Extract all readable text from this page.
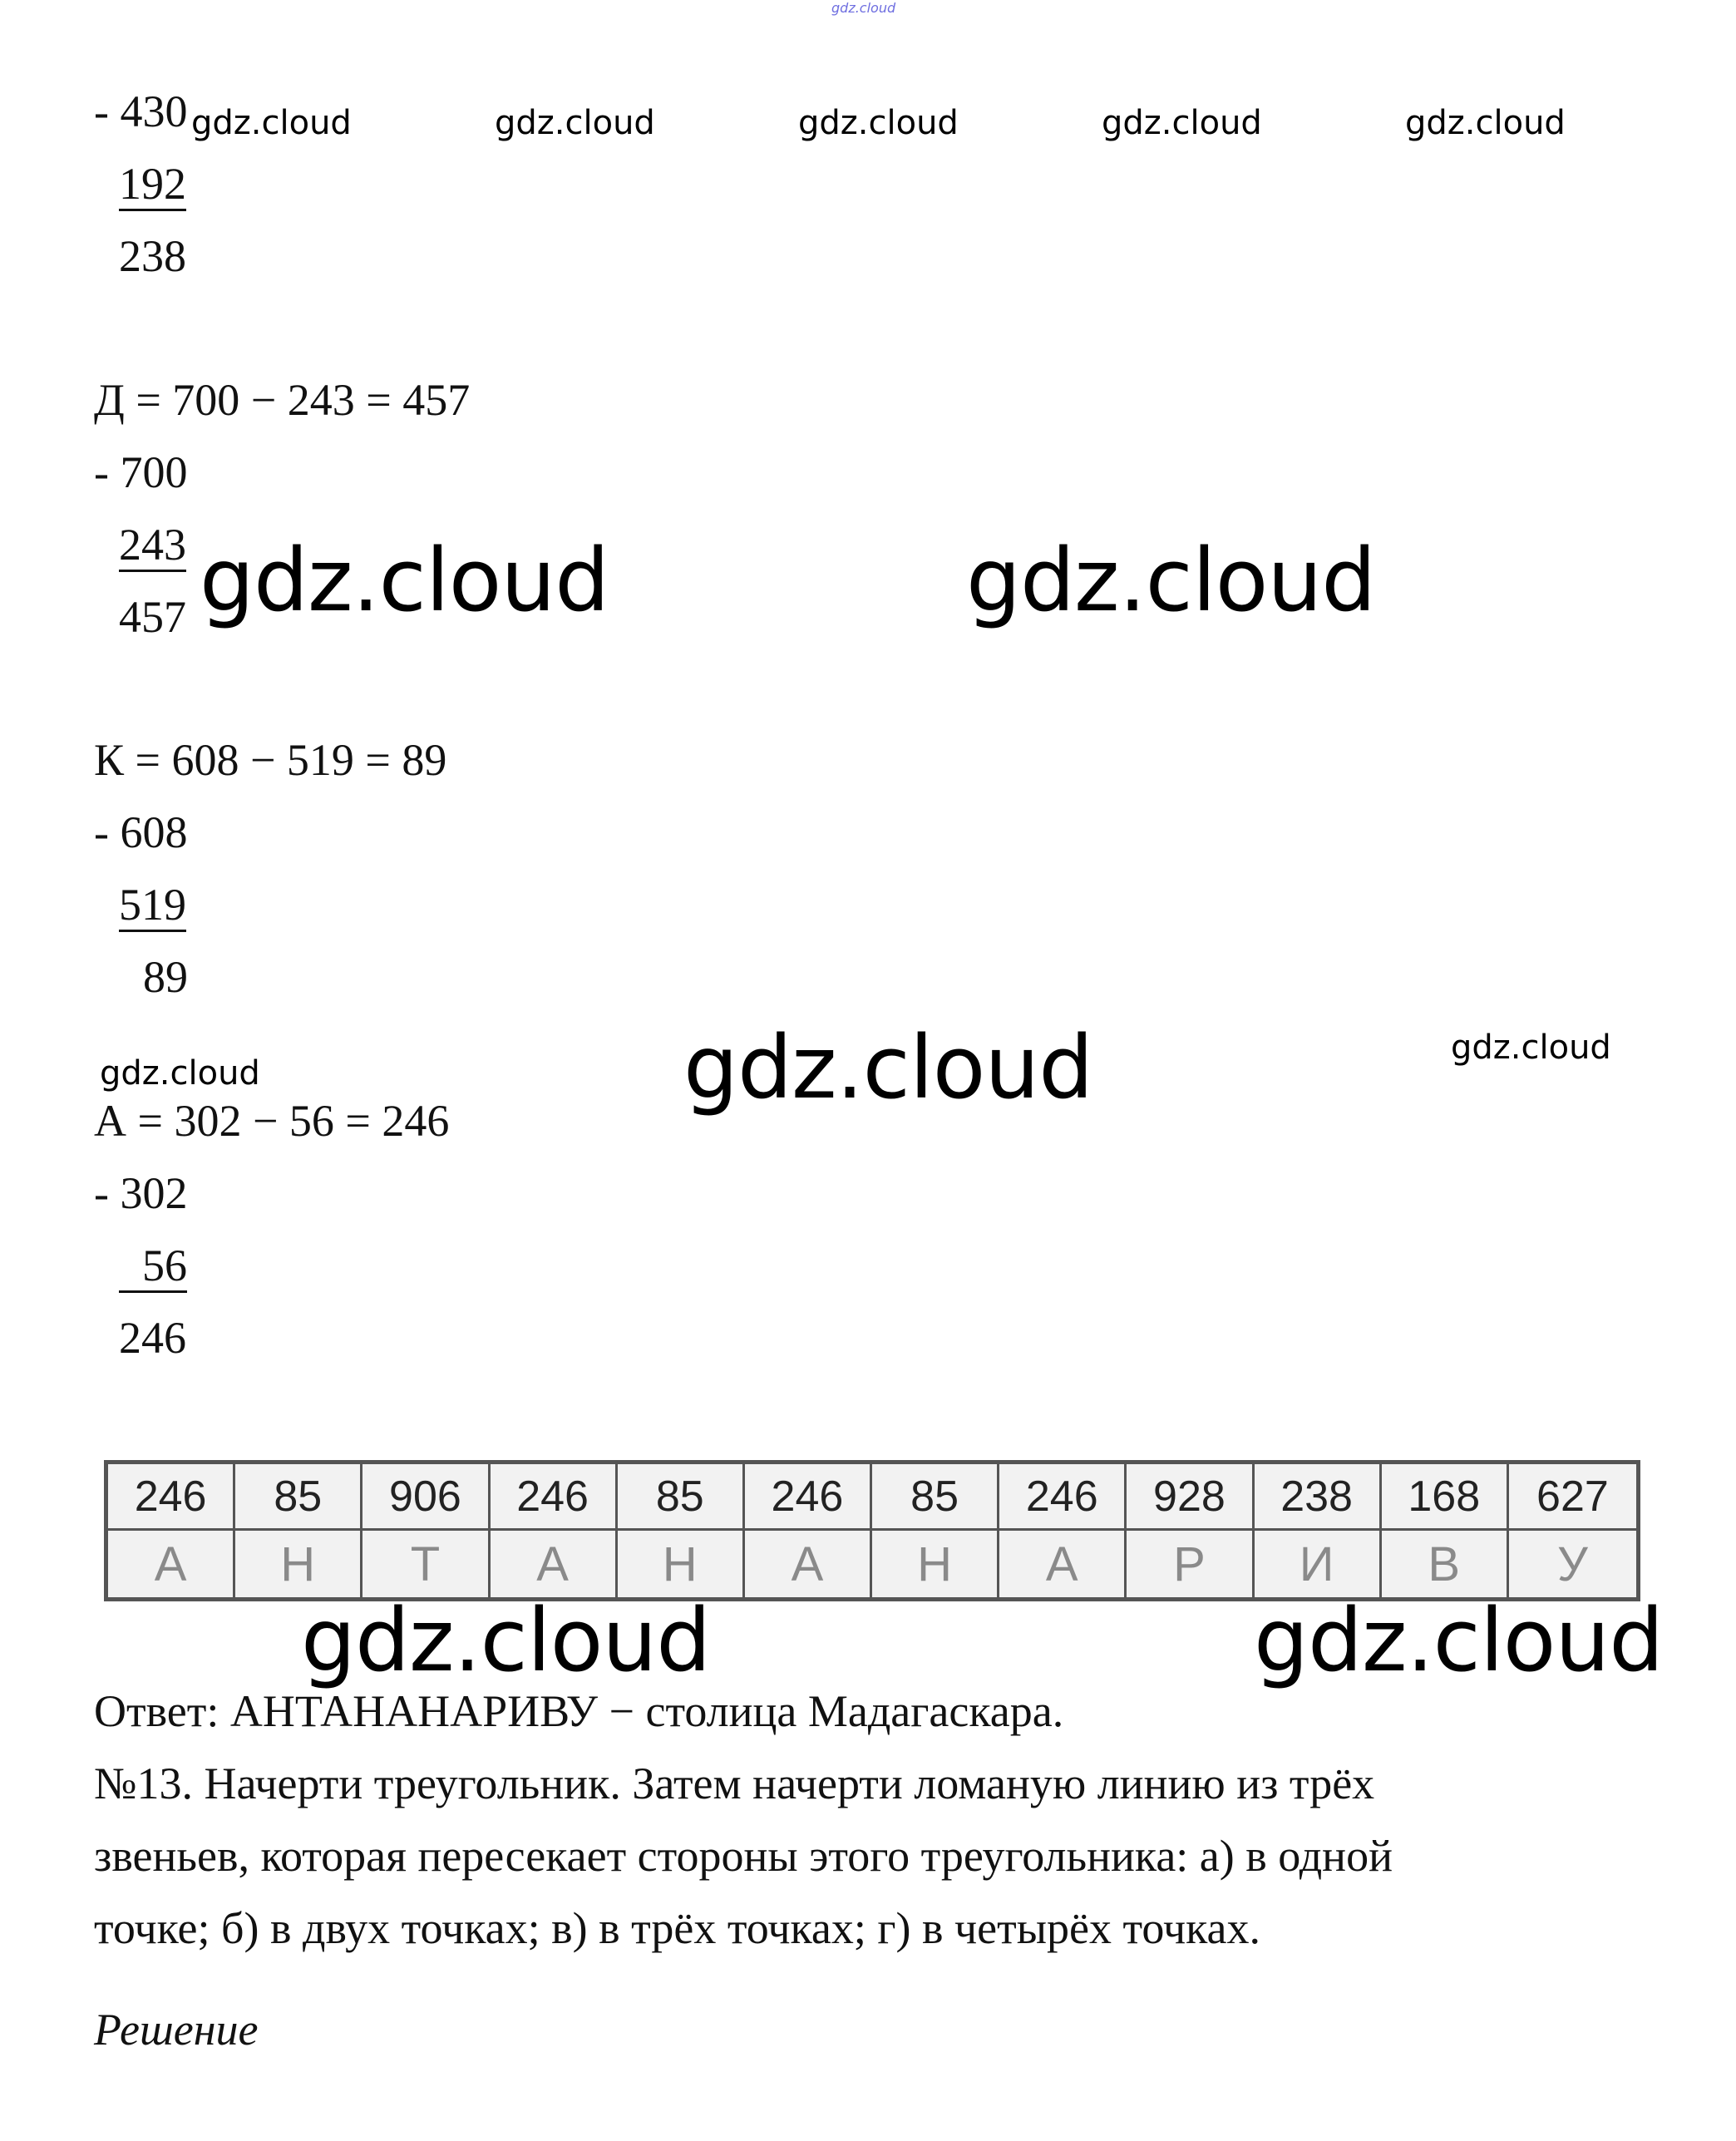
gdz.cloud
- 430
192
238
gdz.cloud	gdz.cloud	gdz.cloud	gdz.cloud	gdz.cloud
Д = 700 − 243 = 457
- 700
243
457 gdz.cloud	gdz.cloud
К = 608 − 519 = 89
- 608
519
89
gdz.cloud	gdz.cloud	gdz.cloud
А = 302 − 56 = 246
- 302
56
246
246	85	906	246	85	246	85	246	928	238	168	627
А	Н	Т	А	Н	А	Н	А	Р	И	В	У
gdz.cloud	gdz.cloud
Ответ: АНТАНАНАРИВУ − столица Мадагаскара.
№13. Начерти треугольник. Затем начерти ломаную линию из трёх
звеньев, которая пересекает стороны этого треугольника: а) в одной
точке; б) в двух точках; в) в трёх точках; г) в четырёх точках.
Решение
